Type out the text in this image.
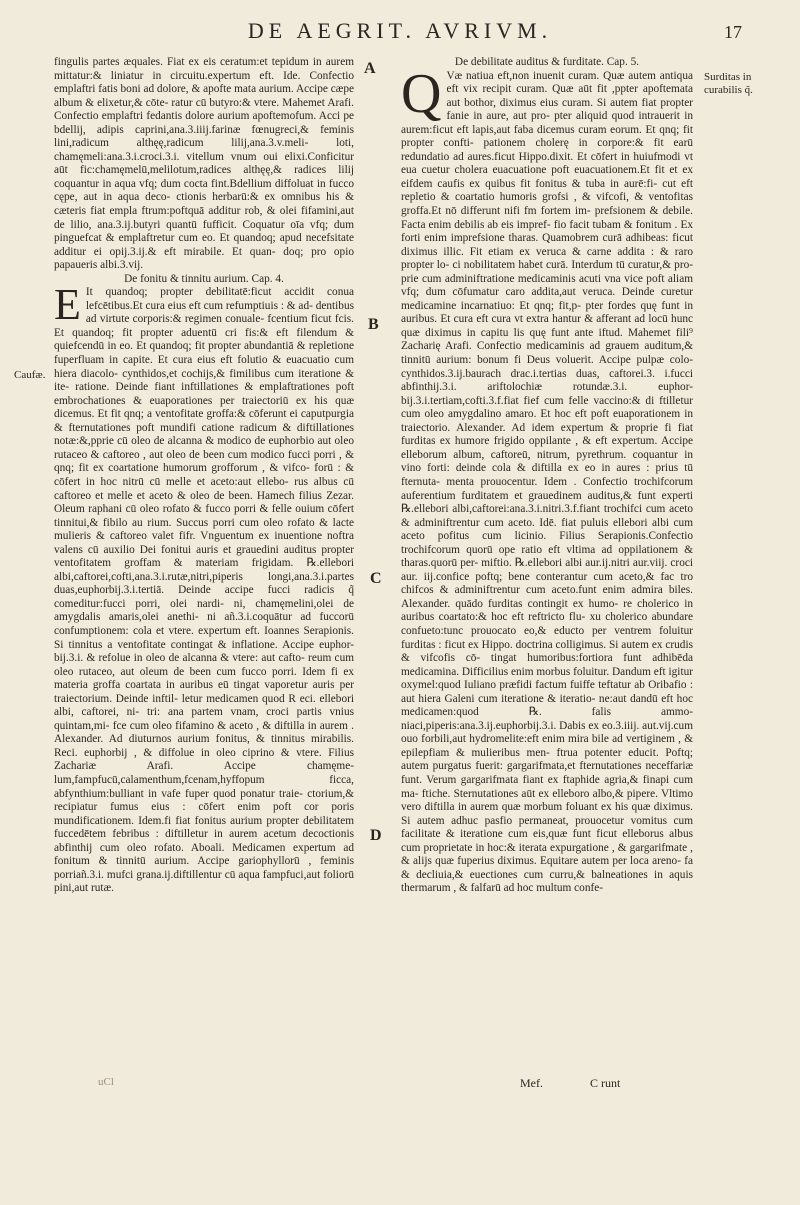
DE AEGRIT. AVRIVM.	17
A
B
C
D
Surditas in curabilis q̃.
Caufæ.

fingulis partes æquales. Fiat ex eis ceratum:et tepidum in aurem mittatur:& liniatur in circuitu.expertum eft. Ide. Confectio emplaftri fatis boni ad dolore, & apofte mata aurium. Accipe cæpe album & elixetur,& cōte- ratur cū butyro:& vtere. Mahemet Arafi. Confectio emplaftri fedantis dolore aurium apoftemofum. Acci pe bdellij, adipis caprini,ana.3.iiij.farinæ fœnugreci,& feminis lini,radicum althęę,radicum lilij,ana.3.v.meli- loti, chamęmeli:ana.3.i.croci.3.i. vitellum vnum oui elixi.Conficitur aūt fic:chamęmelū,melilotum,radices althęę,& radices lilij coquantur in aqua vfq; dum cocta fint.Bdellium diffoluat in fucco cępe, aut in aqua deco- ctionis herbarū:& ex omnibus his & cæteris fiat empla ftrum:poftquā additur rob, & olei fifamini,aut de lilio, ana.3.ij.butyri quantū fufficit. Coquatur oīa vfq; dum pinguefcat & emplaftretur cum eo. Et quandoq; apud necefsitate additur ei opij.3.ij.& eft mirabile. Et quan- doq; pro opio papaueris albi.3.vij.

De fonitu & tinnitu aurium. Cap. 4.

E It quandoq; propter debilitatē:ficut accidit conua lefcētibus.Et cura eius eft cum refumptiuis : & ad- dentibus ad virtute corporis:& regimen conuale- fcentium ficut fcis. Et quandoq; fit propter aduentū cri fis:& eft filendum & quiefcendū in eo. Et quandoq; fit propter abundantiā & repletione fuperfluam in capite. Et cura eius eft folutio & euacuatio cum hiera diacolo- cynthidos,et cochijs,& fimilibus cum iteratione & ite- ratione. Deinde fiant inftillationes & emplaftrationes poft embrochationes & euaporationes per traiectoriū ex his quæ dicemus. Et fit qnq; a ventofitate groffa:& cōferunt ei caputpurgia & fternutationes poft mundifi catione radicum & diftillationes notæ:&,pprie cū oleo de alcanna & modico de euphorbio aut oleo rutaceo & caftoreo , aut oleo de been cum modico fucci porri , & qnq; fit ex coartatione humorum grofforum , & vifco- forū : & cōfert in hoc nitrū cū melle et aceto:aut ellebo- rus albus cū caftoreo et melle et aceto & oleo de been. Hamech filius Zezar. Oleum raphani cū oleo rofato & fucco porri & felle ouium cōfert tinnitui,& fibilo au rium. Succus porri cum oleo rofato & lacte mulieris & caftoreo valet fifr. Vnguentum ex inuentione noftra valens cū auxilio Dei fonitui auris et grauedini auditus propter ventofitatem groffam & materiam frigidam. ℞.ellebori albi,caftorei,cofti,ana.3.i.rutæ,nitri,piperis longi,ana.3.i.partes duas,euphorbij.3.i.tertiā. Deinde accipe fucci radicis q̃ comeditur:fucci porri, olei nardi- ni, chamęmelini,olei de amygdalis amaris,olei anethi- ni añ.3.i.coquātur ad fuccorū confumptionem: cola et vtere. expertum eft. Ioannes Serapionis. Si tinnitus a ventofitate contingat & inflatione. Accipe euphor- bij.3.i. & refolue in oleo de alcanna & vtere: aut cafto- reum cum oleo rutaceo, aut oleum de been cum fucco porri. Idem fi ex materia groffa coartata in auribus eū tingat vaporetur auris per traiectorium. Deinde inftil- letur medicamen quod R eci. ellebori albi, caftorei, ni- tri: ana partem vnam, croci partis vnius quintam,mi- fce cum oleo fifamino & aceto , & diftilla in aurem . Alexander. Ad diuturnos aurium fonitus, & tinnitus mirabilis. Reci. euphorbij , & diffolue in oleo ciprino & vtere. Filius Zachariæ Arafi. Accipe chamęme- lum,fampfucū,calamenthum,fcenam,hyffopum ficca, abfynthium:bulliant in vafe fuper quod ponatur traie- ctorium,& recipiatur fumus eius : cōfert enim poft cor poris mundificationem. Idem.fi fiat fonitus aurium propter debilitatem fuccedētem febribus : diftilletur in aurem acetum decoctionis abfinthij cum oleo rofato. Aboali. Medicamen expertum ad fonitum & tinnitū aurium. Accipe gariophyllorū , feminis porriañ.3.i. mufci grana.ij.diftillentur cū aqua fampfuci,aut foliorū pini,aut rutæ.

De debilitate auditus & furditate. Cap. 5.

Q Væ natiua eft,non inuenit curam. Quæ autem antiqua eft vix recipit curam. Quæ aūt fit ,ppter apoftemata aut bothor, diximus eius curam. Si autem fiat propter fanie in aure, aut pro- pter aliquid quod intrauerit in aurem:ficut eft lapis,aut faba dicemus curam eorum. Et qnq; fit propter confti- pationem cholerę in corpore:& fit earū redundatio ad aures.ficut Hippo.dixit. Et cōfert in huiufmodi vt eua cuetur cholera euacuatione poft euacuationem.Et fit et ex eifdem caufis ex quibus fit fonitus & tuba in aurē:fi- cut eft repletio & coartatio humoris grofsi , & vifcofi, & ventofitas groffa.Et nō differunt nifi fm fortem im- prefsionem & debile. Facta enim debilis ab eis impref- fio facit tubam & fonitum . Ex forti enim imprefsione tharas. Quamobrem curā adhibeas: ficut diximus illic. Fit etiam ex veruca & carne addita : & raro propter lo- ci nobilitatem habet curā. Interdum tū curatur,& pro- prie cum adminiftratione medicaminis acuti vna vice poft aliam vfq; dum cōfumatur caro addita,aut veruca. Deinde curetur medicamine incarnatiuo: Et qnq; fit,p- pter fordes quę funt in auribus. Et cura eft cura vt extra hantur & afferant ad locū hunc quæ diximus in capitu lis quę funt ante iftud. Mahemet fili⁹ Zacharię Arafi. Confectio medicaminis ad grauem auditum,& tinnitū aurium: bonum fi Deus voluerit. Accipe pulpæ colo- cynthidos.3.ij.baurach drac.i.tertias duas, caftorei.3. i.fucci abfinthij.3.i. ariftolochiæ rotundæ.3.i. euphor- bij.3.i.tertiam,cofti.3.f.fiat fief cum felle vaccino:& di ftilletur cum oleo amygdalino amaro. Et hoc eft poft euaporationem in traiectorio. Alexander. Ad idem expertum & proprie fi fiat furditas ex humore frigido oppilante , & eft expertum. Accipe elleborum album, caftoreū, nitrum, pyrethrum. coquantur in vino forti: deinde cola & diftilla ex eo in aures : prius tū fternuta- menta prouocentur. Idem . Confectio trochifcorum auferentium furditatem et grauedinem auditus,& funt experti ℞.ellebori albi,caftorei:ana.3.i.nitri.3.f.fiant trochifci cum aceto & adminiftrentur cum aceto. Idē. fiat puluis ellebori albi cum aceto pofitus cum licinio. Filius Serapionis.Confectio trochifcorum quorū ope ratio eft vltima ad oppilationem & tharas.quorū per- miftio. ℞.ellebori albi aur.ij.nitri aur.viij. croci aur. iij.confice poftq; bene conterantur cum aceto,& fac tro chifcos & adminiftrentur cum aceto.funt enim admira biles. Alexander. quādo furditas contingit ex humo- re cholerico in auribus coartato:& hoc eft reftricto flu- xu cholerico abundare confueto:tunc prouocato eo,& educto per ventrem foluitur furditas : ficut ex Hippo. doctrina colligimus. Si autem ex crudis & vifcofis cō- tingat humoribus:fortiora funt adhibēda medicamina. Difficilius enim morbus foluitur. Dandum eft igitur oxymel:quod Iuliano præfidi factum fuiffe teftatur ab Oribafio : aut hiera Galeni cum iteratione & iteratio- ne:aut dandū eft hoc medicamen:quod ℞. falis ammo- niaci,piperis:ana.3.ij.euphorbij.3.i. Dabis ex eo.3.iiij. aut.vij.cum ouo forbili,aut hydromelite:eft enim mira bile ad vertiginem , & epilepfiam & mulieribus men- ftrua potenter educit. Poftq; autem purgatus fuerit: gargarifmata,et fternutationes neceffariæ funt. Verum gargarifmata fiant ex ftaphide agria,& finapi cum ma- ftiche. Sternutationes aūt ex elleboro albo,& pipere. Vltimo vero diftilla in aurem quæ morbum foluant ex his quæ diximus. Si autem adhuc pasfio permaneat, prouocetur vomitus cum facilitate & iteratione cum eis,quæ funt ficut elleborus albus cum proprietate in hoc:& iterata expurgatione , & gargarifmate , & alijs quæ fuperius diximus. Equitare autem per loca areno- fa & decliuia,& euectiones cum curru,& balneationes in aquis thermarum , & falfarū ad hoc multum confe-

uCl	Mef.	C runt
